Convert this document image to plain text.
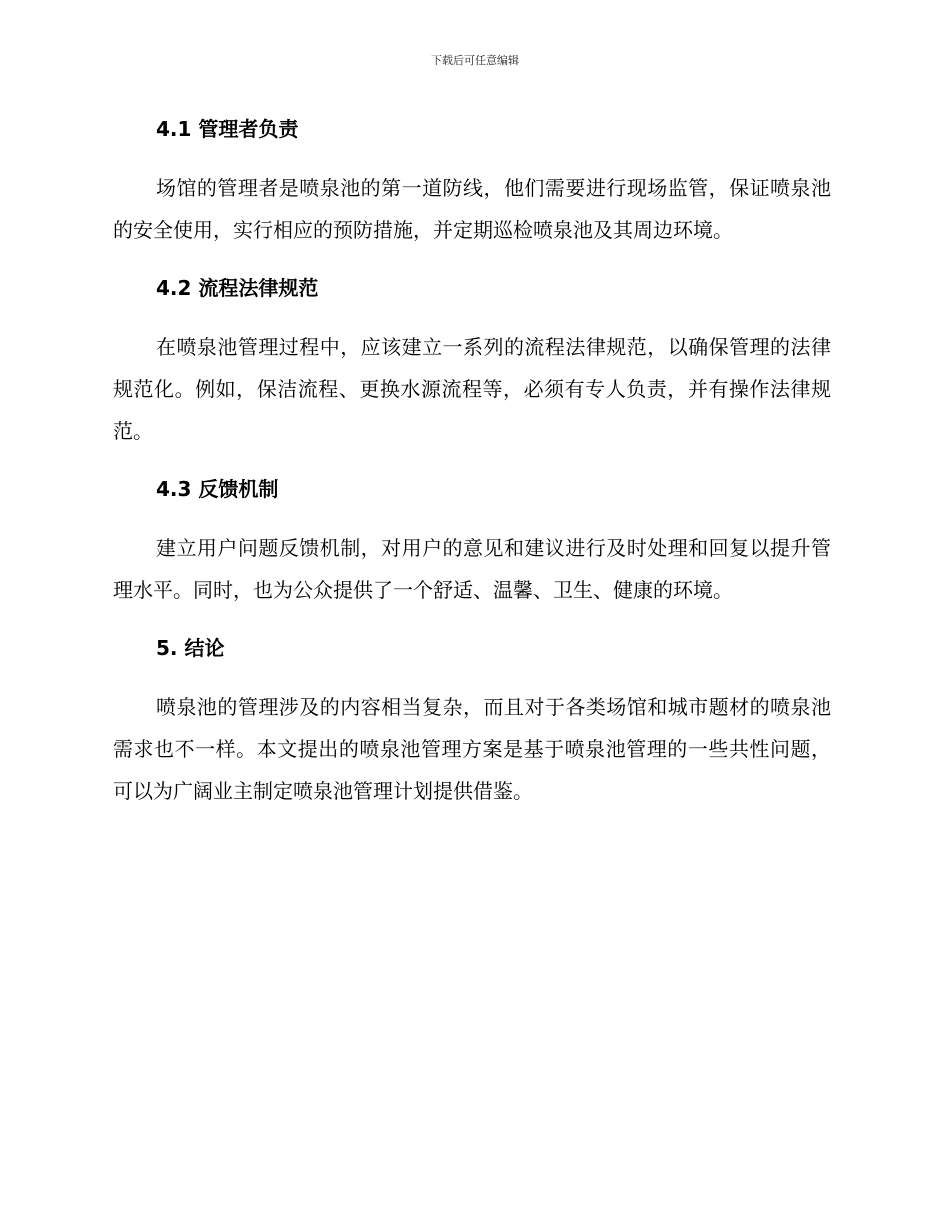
下载后可任意编辑
4.1 管理者负责

场馆的管理者是喷泉池的第一道防线，他们需要进行现场监管，保证喷泉池的安全使用，实行相应的预防措施，并定期巡检喷泉池及其周边环境。

4.2 流程法律规范

在喷泉池管理过程中，应该建立一系列的流程法律规范，以确保管理的法律规范化。例如，保洁流程、更换水源流程等，必须有专人负责，并有操作法律规范。

4.3 反馈机制

建立用户问题反馈机制，对用户的意见和建议进行及时处理和回复以提升管理水平。同时，也为公众提供了一个舒适、温馨、卫生、健康的环境。

5. 结论

喷泉池的管理涉及的内容相当复杂，而且对于各类场馆和城市题材的喷泉池需求也不一样。本文提出的喷泉池管理方案是基于喷泉池管理的一些共性问题，可以为广阔业主制定喷泉池管理计划提供借鉴。
